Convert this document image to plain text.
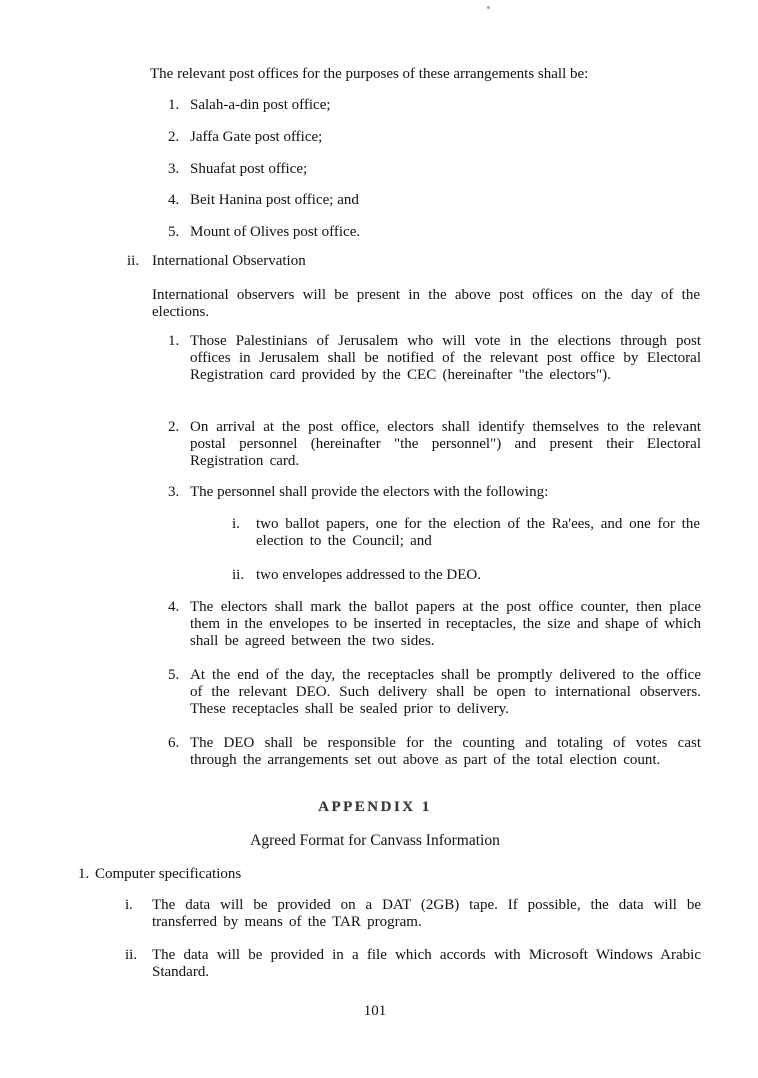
The relevant post offices for the purposes of these arrangements shall be:
1. Salah-a-din post office;
2. Jaffa Gate post office;
3. Shuafat post office;
4. Beit Hanina post office; and
5. Mount of Olives post office.
ii. International Observation
International observers will be present in the above post offices on the day of the elections.
1. Those Palestinians of Jerusalem who will vote in the elections through post offices in Jerusalem shall be notified of the relevant post office by Electoral Registration card provided by the CEC (hereinafter "the electors").
2. On arrival at the post office, electors shall identify themselves to the relevant postal personnel (hereinafter "the personnel") and present their Electoral Registration card.
3. The personnel shall provide the electors with the following:
i.	two ballot papers, one for the election of the Ra'ees, and one for the election to the Council; and
ii. two envelopes addressed to the DEO.
4. The electors shall mark the ballot papers at the post office counter, then place them in the envelopes to be inserted in receptacles, the size and shape of which shall be agreed between the two sides.
5. At the end of the day, the receptacles shall be promptly delivered to the office of the relevant DEO. Such delivery shall be open to international observers. These receptacles shall be sealed prior to delivery.
6. The DEO shall be responsible for the counting and totaling of votes cast through the arrangements set out above as part of the total election count.
APPENDIX 1
Agreed Format for Canvass Information
1. Computer specifications
i.	The data will be provided on a DAT (2GB) tape. If possible, the data will be transferred by means of the TAR program.
ii. The data will be provided in a file which accords with Microsoft Windows Arabic Standard.
101
